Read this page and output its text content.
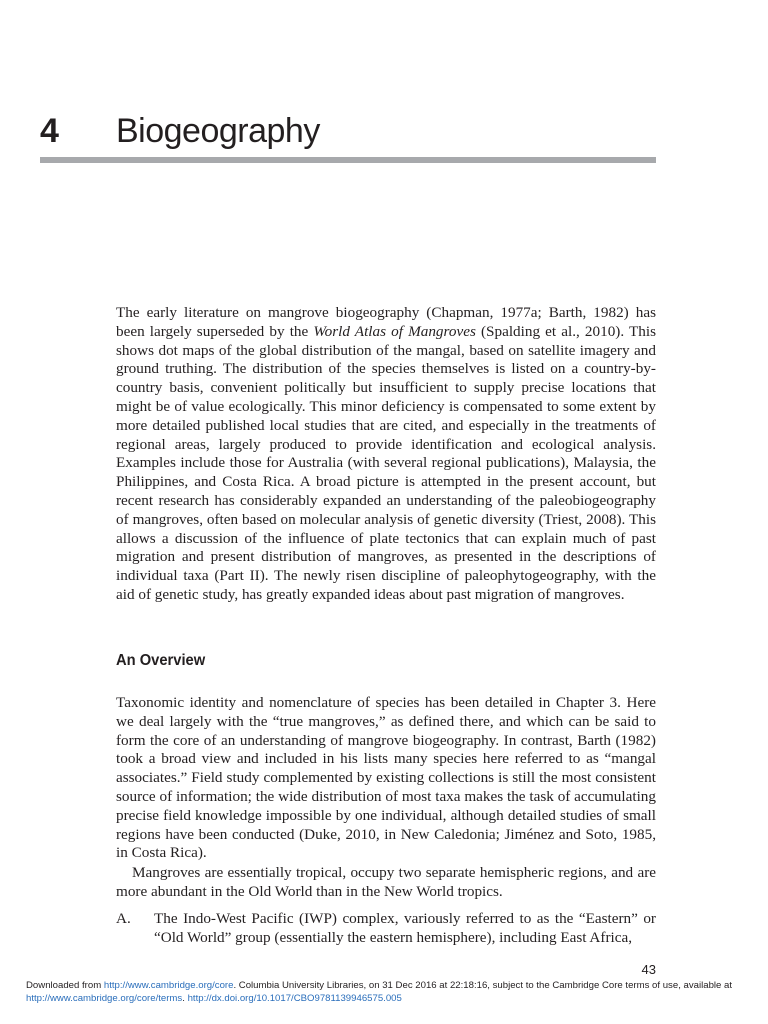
4	Biogeography

The early literature on mangrove biogeography (Chapman, 1977a; Barth, 1982) has been largely superseded by the World Atlas of Mangroves (Spalding et al., 2010). This shows dot maps of the global distribution of the mangal, based on satellite imagery and ground truthing. The distribution of the species themselves is listed on a country-by-country basis, convenient politically but insufficient to supply precise locations that might be of value ecologically. This minor deficiency is compensated to some extent by more detailed published local studies that are cited, and especially in the treatments of regional areas, largely produced to provide identification and ecological analysis. Examples include those for Australia (with several regional publications), Malaysia, the Philippines, and Costa Rica. A broad picture is attempted in the present account, but recent research has considerably expanded an understanding of the paleobiogeography of mangroves, often based on molecular analysis of genetic diversity (Triest, 2008). This allows a discussion of the influence of plate tectonics that can explain much of past migration and present distribution of mangroves, as presented in the descriptions of individual taxa (Part II). The newly risen discipline of paleophytogeography, with the aid of genetic study, has greatly expanded ideas about past migration of mangroves.

An Overview

Taxonomic identity and nomenclature of species has been detailed in Chapter 3. Here we deal largely with the “true mangroves,” as defined there, and which can be said to form the core of an understanding of mangrove biogeography. In contrast, Barth (1982) took a broad view and included in his lists many species here referred to as “mangal associates.” Field study complemented by existing collections is still the most consistent source of information; the wide distribution of most taxa makes the task of accumulating precise field knowledge impossible by one individual, although detailed studies of small regions have been conducted (Duke, 2010, in New Caledonia; Jiménez and Soto, 1985, in Costa Rica).

Mangroves are essentially tropical, occupy two separate hemispheric regions, and are more abundant in the Old World than in the New World tropics.

A.	The Indo-West Pacific (IWP) complex, variously referred to as the “Eastern” or “Old World” group (essentially the eastern hemisphere), including East Africa,
43
Downloaded from http://www.cambridge.org/core. Columbia University Libraries, on 31 Dec 2016 at 22:18:16, subject to the Cambridge Core terms of use, available at http://www.cambridge.org/core/terms. http://dx.doi.org/10.1017/CBO9781139946575.005
